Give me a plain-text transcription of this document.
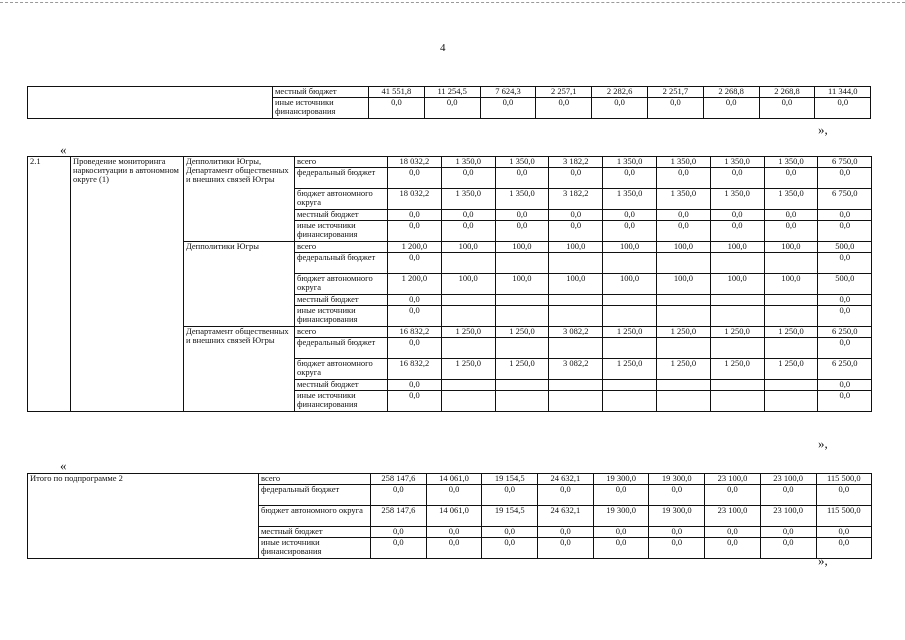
4
	местный бюджет	41 551,8	11 254,5	7 624,3	2 257,1	2 282,6	2 251,7	2 268,8	2 268,8	11 344,0
	иные источники финансирования	0,0	0,0	0,0	0,0	0,0	0,0	0,0	0,0	0,0
»,
«
2.1	Проведение мониторинга наркоситуации в автономном округе (1)	Депполитики Югры, Департамент общественных и внешних связей Югры	всего	18 032,2	1 350,0	1 350,0	3 182,2	1 350,0	1 350,0	1 350,0	1 350,0	6 750,0
			федеральный бюджет	0,0	0,0	0,0	0,0	0,0	0,0	0,0	0,0	0,0
			бюджет автономного округа	18 032,2	1 350,0	1 350,0	3 182,2	1 350,0	1 350,0	1 350,0	1 350,0	6 750,0
			местный бюджет	0,0	0,0	0,0	0,0	0,0	0,0	0,0	0,0	0,0
			иные источники финансирования	0,0	0,0	0,0	0,0	0,0	0,0	0,0	0,0	0,0
		Депполитики Югры	всего	1 200,0	100,0	100,0	100,0	100,0	100,0	100,0	100,0	500,0
			федеральный бюджет	0,0								0,0
			бюджет автономного округа	1 200,0	100,0	100,0	100,0	100,0	100,0	100,0	100,0	500,0
			местный бюджет	0,0								0,0
			иные источники финансирования	0,0								0,0
		Департамент общественных и внешних связей Югры	всего	16 832,2	1 250,0	1 250,0	3 082,2	1 250,0	1 250,0	1 250,0	1 250,0	6 250,0
			федеральный бюджет	0,0								0,0
			бюджет автономного округа	16 832,2	1 250,0	1 250,0	3 082,2	1 250,0	1 250,0	1 250,0	1 250,0	6 250,0
			местный бюджет	0,0								0,0
			иные источники финансирования	0,0								0,0
»,
«
Итого по подпрограмме 2	всего	258 147,6	14 061,0	19 154,5	24 632,1	19 300,0	19 300,0	23 100,0	23 100,0	115 500,0
	федеральный бюджет	0,0	0,0	0,0	0,0	0,0	0,0	0,0	0,0	0,0
	бюджет автономного округа	258 147,6	14 061,0	19 154,5	24 632,1	19 300,0	19 300,0	23 100,0	23 100,0	115 500,0
	местный бюджет	0,0	0,0	0,0	0,0	0,0	0,0	0,0	0,0	0,0
	иные источники финансирования	0,0	0,0	0,0	0,0	0,0	0,0	0,0	0,0	0,0
»,
